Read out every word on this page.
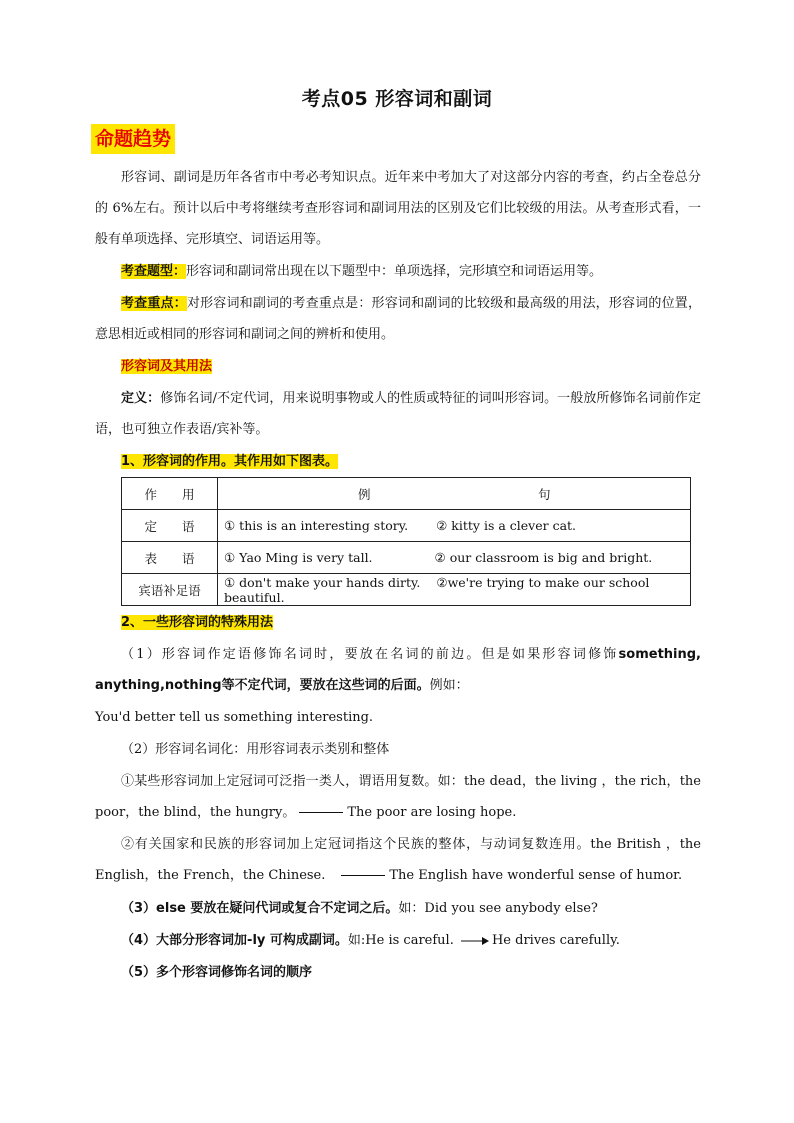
考点05 形容词和副词
命题趋势
形容词、副词是历年各省市中考必考知识点。近年来中考加大了对这部分内容的考查，约占全卷总分的 6%左右。预计以后中考将继续考查形容词和副词用法的区别及它们比较级的用法。从考查形式看，一般有单项选择、完形填空、词语运用等。
考查题型：形容词和副词常出现在以下题型中：单项选择，完形填空和词语运用等。
考查重点：对形容词和副词的考查重点是：形容词和副词的比较级和最高级的用法，形容词的位置，意思相近或相同的形容词和副词之间的辨析和使用。
形容词及其用法
定义：修饰名词/不定代词，用来说明事物或人的性质或特征的词叫形容词。一般放所修饰名词前作定语，也可独立作表语/宾补等。
1、形容词的作用。其作用如下图表。
作　　用	例 句

定　　语	① this is an interesting story. ② kitty is a clever cat.
表　　语	① Yao Ming is very tall. ② our classroom is big and bright.
宾语补足语	① don't make your hands dirty. ②we're trying to make our school beautiful.
2、一些形容词的特殊用法
（1）形容词作定语修饰名词时，要放在名词的前边。但是如果形容词修饰something, anything,nothing等不定代词，要放在这些词的后面。例如：
You'd better tell us something interesting.
（2）形容词名词化：用形容词表示类别和整体
①某些形容词加上定冠词可泛指一类人，谓语用复数。如：the dead，the living ，the rich，the poor，the blind，the hungry。	The poor are losing hope.
②有关国家和民族的形容词加上定冠词指这个民族的整体，与动词复数连用。the British ，the English，the French，the Chinese.	The English have wonderful sense of humor.
（3）else 要放在疑问代词或复合不定词之后。如：Did you see anybody else?
（4）大部分形容词加-ly 可构成副词。如:He is careful.	He drives carefully.
（5）多个形容词修饰名词的顺序
